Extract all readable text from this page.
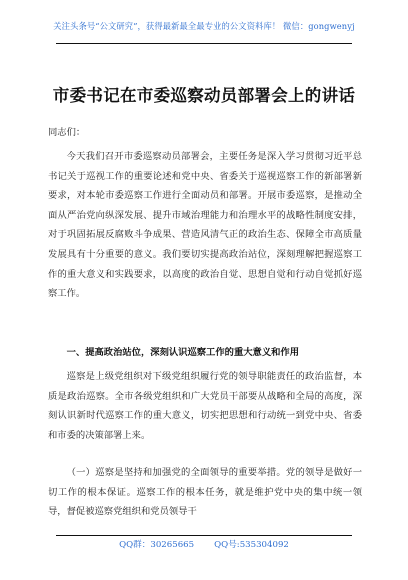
关注头条号“公文研究”，获得最新最全最专业的公文资料库！ 微信：gongwenyj
市委书记在市委巡察动员部署会上的讲话
同志们：
今天我们召开市委巡察动员部署会，主要任务是深入学习贯彻习近平总书记关于巡视工作的重要论述和党中央、省委关于巡视巡察工作的新部署新要求，对本轮市委巡察工作进行全面动员和部署。开展市委巡察，是推动全面从严治党向纵深发展、提升市域治理能力和治理水平的战略性制度安排，对于巩固拓展反腐败斗争成果、营造风清气正的政治生态、保障全市高质量发展具有十分重要的意义。我们要切实提高政治站位，深刻理解把握巡察工作的重大意义和实践要求，以高度的政治自觉、思想自觉和行动自觉抓好巡察工作。
一、提高政治站位，深刻认识巡察工作的重大意义和作用
巡察是上级党组织对下级党组织履行党的领导职能责任的政治监督，本质是政治巡察。全市各级党组织和广大党员干部要从战略和全局的高度，深刻认识新时代巡察工作的重大意义，切实把思想和行动统一到党中央、省委和市委的决策部署上来。
（一）巡察是坚持和加强党的全面领导的重要举措。党的领导是做好一切工作的根本保证。巡察工作的根本任务，就是维护党中央的集中统一领导，督促被巡察党组织和党员领导干
QQ群：30265665 QQ号:535304092
